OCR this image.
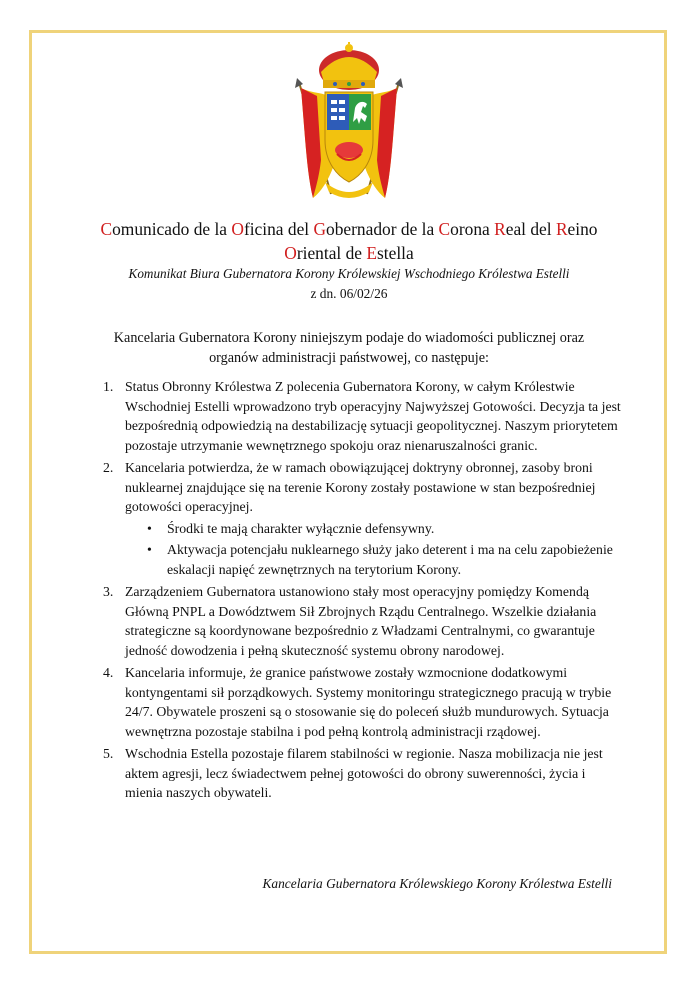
Comunicado de la Oficina del Gobernador de la Corona Real del Reino
Oriental de Estella
Komunikat Biura Gubernatora Korony Królewskiej Wschodniego Królestwa Estelli
z dn. 06/02/26
Kancelaria Gubernatora Korony niniejszym podaje do wiadomości publicznej oraz
organów administracji państwowej, co następuje:
1. Status Obronny Królestwa Z polecenia Gubernatora Korony, w całym Królestwie Wschodniej Estelli wprowadzono tryb operacyjny Najwyższej Gotowości. Decyzja ta jest bezpośrednią odpowiedzią na destabilizację sytuacji geopolitycznej. Naszym priorytetem pozostaje utrzymanie wewnętrznego spokoju oraz nienaruszalności granic.
2. Kancelaria potwierdza, że w ramach obowiązującej doktryny obronnej, zasoby broni nuklearnej znajdujące się na terenie Korony zostały postawione w stan bezpośredniej gotowości operacyjnej.
• Środki te mają charakter wyłącznie defensywny.
• Aktywacja potencjału nuklearnego służy jako deterent i ma na celu zapobieżenie eskalacji napięć zewnętrznych na terytorium Korony.
3. Zarządzeniem Gubernatora ustanowiono stały most operacyjny pomiędzy Komendą Główną PNPL a Dowództwem Sił Zbrojnych Rządu Centralnego. Wszelkie działania strategiczne są koordynowane bezpośrednio z Władzami Centralnymi, co gwarantuje jedność dowodzenia i pełną skuteczność systemu obrony narodowej.
4. Kancelaria informuje, że granice państwowe zostały wzmocnione dodatkowymi kontyngentami sił porządkowych. Systemy monitoringu strategicznego pracują w trybie 24/7. Obywatele proszeni są o stosowanie się do poleceń służb mundurowych. Sytuacja wewnętrzna pozostaje stabilna i pod pełną kontrolą administracji rządowej.
5. Wschodnia Estella pozostaje filarem stabilności w regionie. Nasza mobilizacja nie jest aktem agresji, lecz świadectwem pełnej gotowości do obrony suwerenności, życia i mienia naszych obywateli.
Kancelaria Gubernatora Królewskiego Korony Królestwa Estelli
